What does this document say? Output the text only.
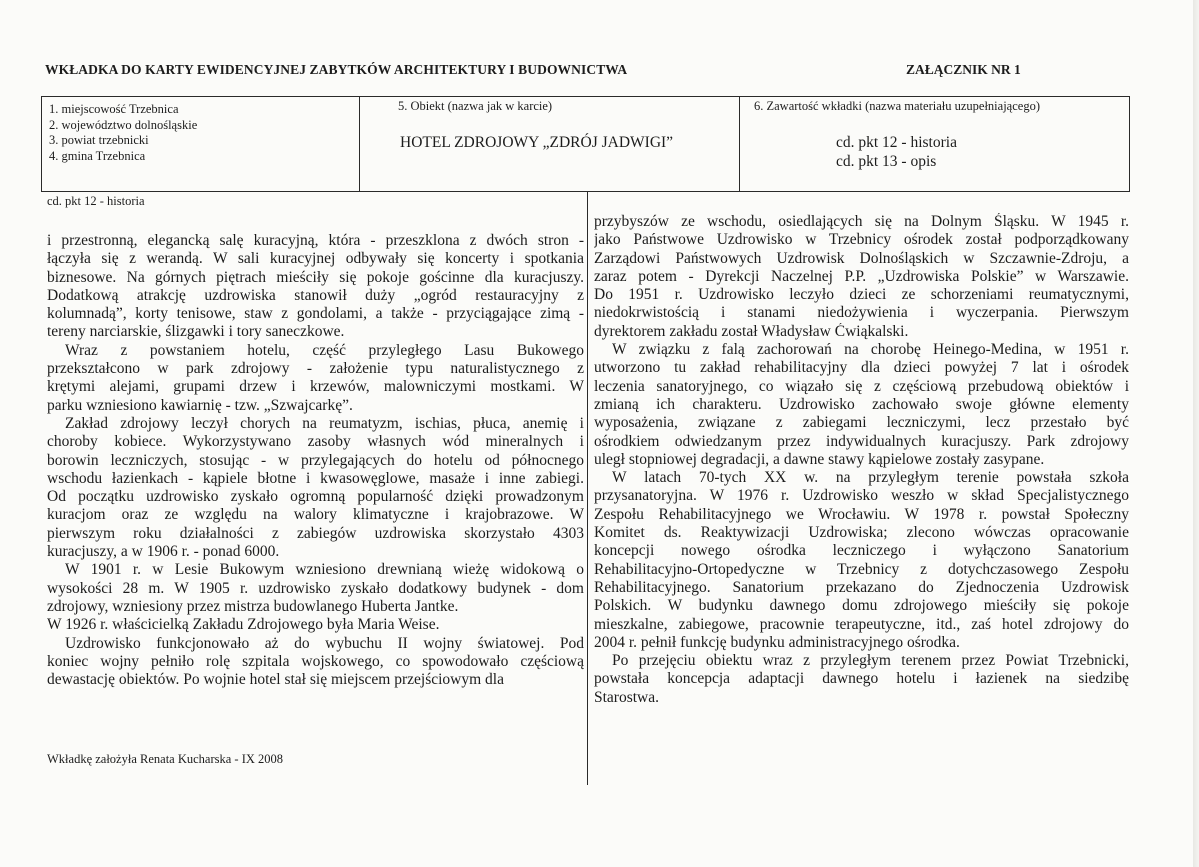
WKŁADKA DO KARTY EWIDENCYJNEJ ZABYTKÓW ARCHITEKTURY I BUDOWNICTWA	ZAŁĄCZNIK NR 1
1. miejscowość Trzebnica
2. województwo dolnośląskie
3. powiat trzebnicki
4. gmina Trzebnica
5. Obiekt (nazwa jak w karcie)
HOTEL ZDROJOWY „ZDRÓJ JADWIGI”
6. Zawartość wkładki (nazwa materiału uzupełniającego)
cd. pkt 12 - historia
cd. pkt 13 - opis
cd. pkt 12 - historia
i przestronną, elegancką salę kuracyjną, która - przeszklona z dwóch stron -
łączyła się z werandą. W sali kuracyjnej odbywały się koncerty i spotkania
biznesowe. Na górnych piętrach mieściły się pokoje gościnne dla kuracjuszy.
Dodatkową atrakcję uzdrowiska stanowił duży „ogród restauracyjny z
kolumnadą”, korty tenisowe, staw z gondolami, a także - przyciągające zimą -
tereny narciarskie, ślizgawki i tory saneczkowe.
Wraz z powstaniem hotelu, część przyległego Lasu Bukowego
przekształcono w park zdrojowy - założenie typu naturalistycznego z
krętymi alejami, grupami drzew i krzewów, malowniczymi mostkami. W
parku wzniesiono kawiarnię - tzw. „Szwajcarkę”.
Zakład zdrojowy leczył chorych na reumatyzm, ischias, płuca, anemię i
choroby kobiece. Wykorzystywano zasoby własnych wód mineralnych i
borowin leczniczych, stosując - w przylegających do hotelu od północnego
wschodu łazienkach - kąpiele błotne i kwasowęglowe, masaże i inne zabiegi.
Od początku uzdrowisko zyskało ogromną popularność dzięki prowadzonym
kuracjom oraz ze względu na walory klimatyczne i krajobrazowe. W
pierwszym roku działalności z zabiegów uzdrowiska skorzystało 4303
kuracjuszy, a w 1906 r. - ponad 6000.
W 1901 r. w Lesie Bukowym wzniesiono drewnianą wieżę widokową o
wysokości 28 m. W 1905 r. uzdrowisko zyskało dodatkowy budynek - dom
zdrojowy, wzniesiony przez mistrza budowlanego Huberta Jantke.
W 1926 r. właścicielką Zakładu Zdrojowego była Maria Weise.
Uzdrowisko funkcjonowało aż do wybuchu II wojny światowej. Pod
koniec wojny pełniło rolę szpitala wojskowego, co spowodowało częściową
dewastację obiektów. Po wojnie hotel stał się miejscem przejściowym dla
przybyszów ze wschodu, osiedlających się na Dolnym Śląsku. W 1945 r.
jako Państwowe Uzdrowisko w Trzebnicy ośrodek został podporządkowany
Zarządowi Państwowych Uzdrowisk Dolnośląskich w Szczawnie-Zdroju, a
zaraz potem - Dyrekcji Naczelnej P.P. „Uzdrowiska Polskie” w Warszawie.
Do 1951 r. Uzdrowisko leczyło dzieci ze schorzeniami reumatycznymi,
niedokrwistością i stanami niedożywienia i wyczerpania. Pierwszym
dyrektorem zakładu został Władysław Ćwiąkalski.
W związku z falą zachorowań na chorobę Heinego-Medina, w 1951 r.
utworzono tu zakład rehabilitacyjny dla dzieci powyżej 7 lat i ośrodek
leczenia sanatoryjnego, co wiązało się z częściową przebudową obiektów i
zmianą ich charakteru. Uzdrowisko zachowało swoje główne elementy
wyposażenia, związane z zabiegami leczniczymi, lecz przestało być
ośrodkiem odwiedzanym przez indywidualnych kuracjuszy. Park zdrojowy
uległ stopniowej degradacji, a dawne stawy kąpielowe zostały zasypane.
W latach 70-tych XX w. na przyległym terenie powstała szkoła
przysanatoryjna. W 1976 r. Uzdrowisko weszło w skład Specjalistycznego
Zespołu Rehabilitacyjnego we Wrocławiu. W 1978 r. powstał Społeczny
Komitet ds. Reaktywizacji Uzdrowiska; zlecono wówczas opracowanie
koncepcji nowego ośrodka leczniczego i wyłączono Sanatorium
Rehabilitacyjno-Ortopedyczne w Trzebnicy z dotychczasowego Zespołu
Rehabilitacyjnego. Sanatorium przekazano do Zjednoczenia Uzdrowisk
Polskich. W budynku dawnego domu zdrojowego mieściły się pokoje
mieszkalne, zabiegowe, pracownie terapeutyczne, itd., zaś hotel zdrojowy do
2004 r. pełnił funkcję budynku administracyjnego ośrodka.
Po przejęciu obiektu wraz z przyległym terenem przez Powiat Trzebnicki,
powstała koncepcja adaptacji dawnego hotelu i łazienek na siedzibę
Starostwa.
Wkładkę założyła Renata Kucharska - IX 2008
